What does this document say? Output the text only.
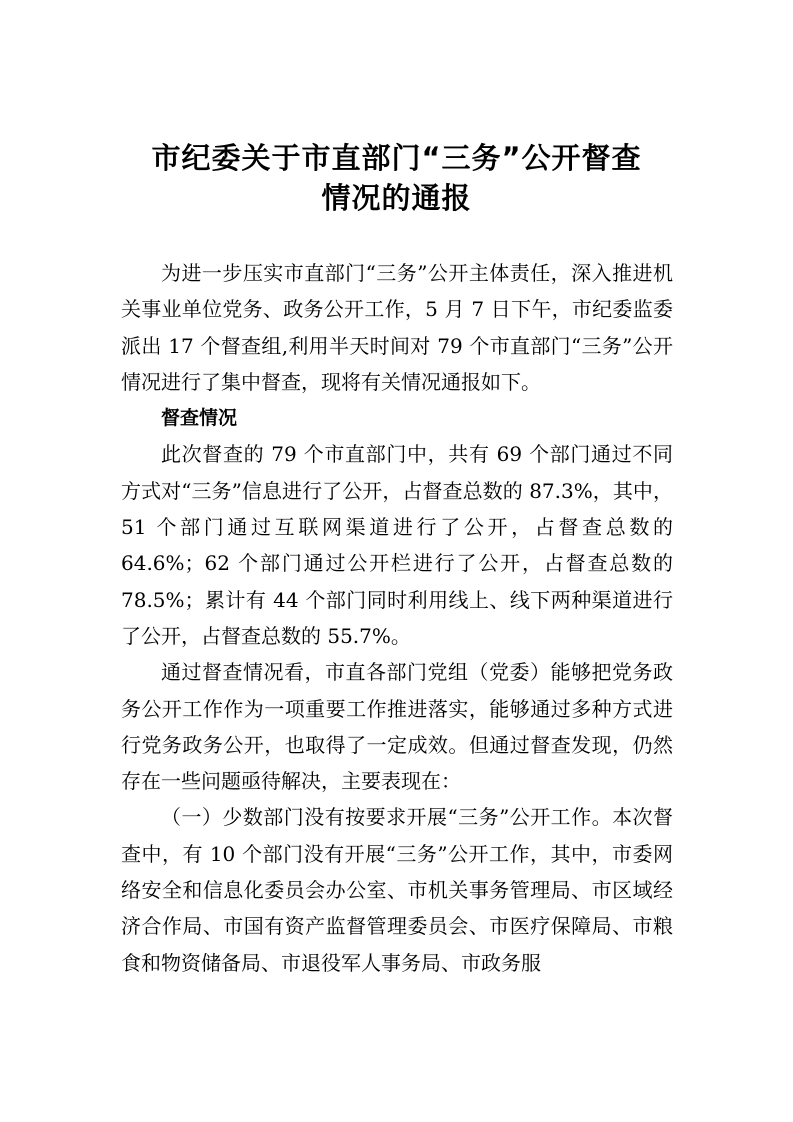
市纪委关于市直部门“三务”公开督查
情况的通报

为进一步压实市直部门“三务”公开主体责任，深入推进机关事业单位党务、政务公开工作，5 月 7 日下午，市纪委监委派出 17 个督查组,利用半天时间对 79 个市直部门“三务”公开情况进行了集中督查，现将有关情况通报如下。

督查情况

此次督查的 79 个市直部门中，共有 69 个部门通过不同方式对“三务”信息进行了公开，占督查总数的 87.3%，其中，51 个部门通过互联网渠道进行了公开，占督查总数的 64.6%；62 个部门通过公开栏进行了公开，占督查总数的 78.5%；累计有 44 个部门同时利用线上、线下两种渠道进行了公开，占督查总数的 55.7%。

通过督查情况看，市直各部门党组（党委）能够把党务政务公开工作作为一项重要工作推进落实，能够通过多种方式进行党务政务公开，也取得了一定成效。但通过督查发现，仍然存在一些问题亟待解决，主要表现在：

（一）少数部门没有按要求开展“三务”公开工作。本次督查中，有 10 个部门没有开展“三务”公开工作，其中，市委网络安全和信息化委员会办公室、市机关事务管理局、市区域经济合作局、市国有资产监督管理委员会、市医疗保障局、市粮食和物资储备局、市退役军人事务局、市政务服
